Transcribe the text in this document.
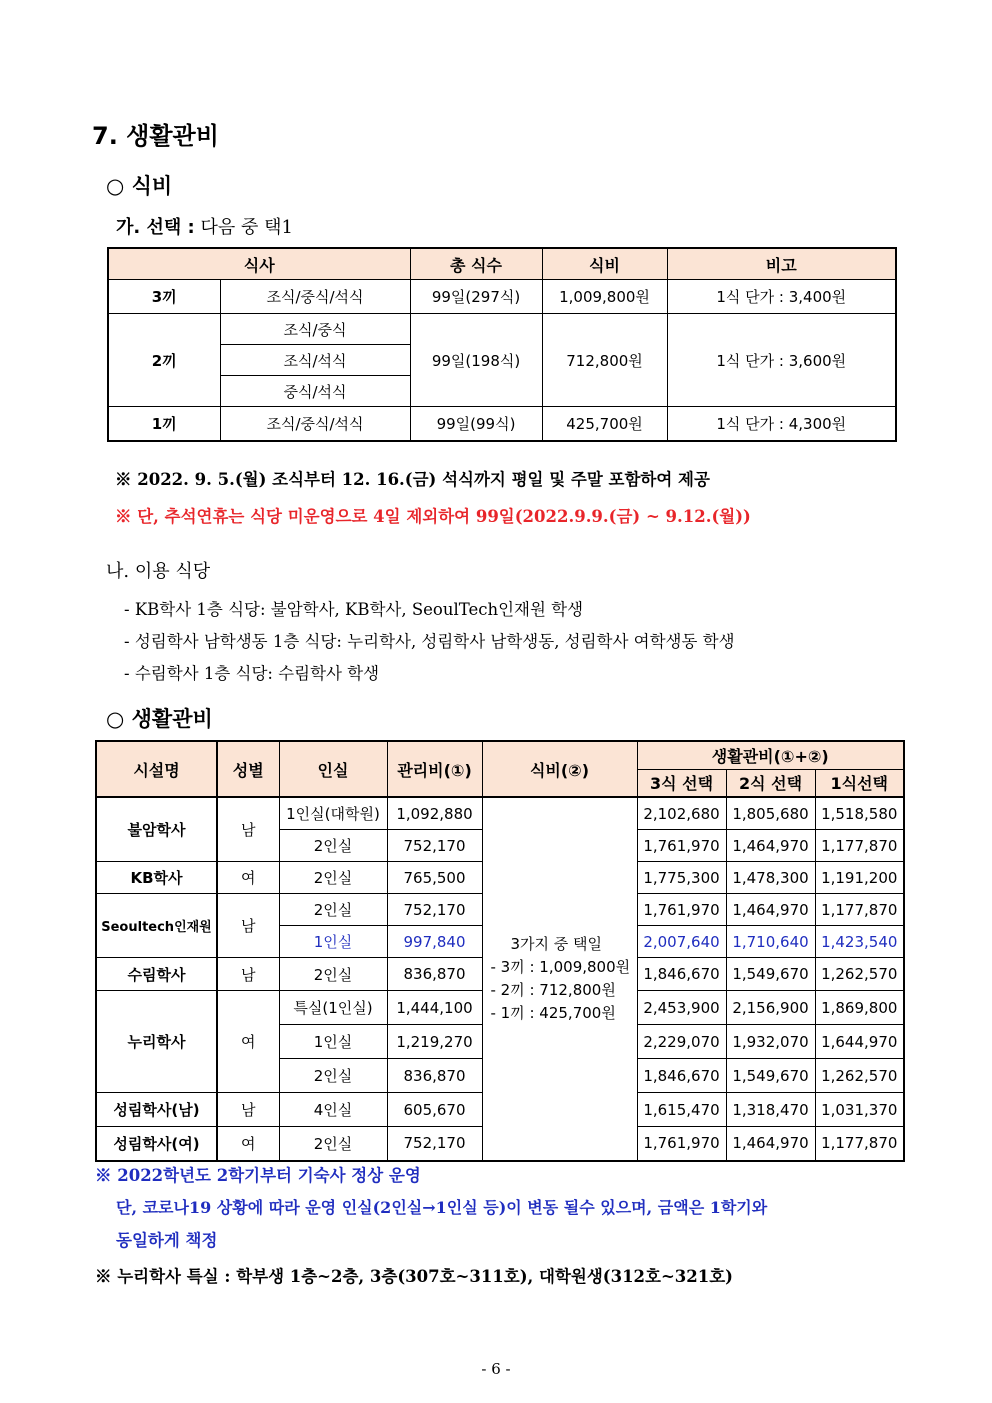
7. 생활관비

○ 식비

가. 선택 : 다음 중 택1

식사		총 식수	식비	비고
3끼	조식/중식/석식	99일(297식)	1,009,800원	1식 단가 : 3,400원
2끼	조식/중식	99일(198식)	712,800원	1식 단가 : 3,600원
	조식/석식			
	중식/석식			
1끼	조식/중식/석식	99일(99식)	425,700원	1식 단가 : 4,300원

※ 2022. 9. 5.(월) 조식부터 12. 16.(금) 석식까지 평일 및 주말 포함하여 제공

※ 단, 추석연휴는 식당 미운영으로 4일 제외하여 99일(2022.9.9.(금) ~ 9.12.(월))

나. 이용 식당

- KB학사 1층 식당: 불암학사, KB학사, SeoulTech인재원 학생

- 성림학사 남학생동 1층 식당: 누리학사, 성림학사 남학생동, 성림학사 여학생동 학생

- 수림학사 1층 식당: 수림학사 학생

○ 생활관비

시설명	성별	인실	관리비(①)	식비(②)	생활관비(①+②)		
					3식 선택	2식 선택	1식선택
불암학사	남	1인실(대학원)	1,092,880	3가지 중 택일
- 3끼 : 1,009,800원
- 2끼 : 712,800원
- 1끼 : 425,700원	2,102,680	1,805,680	1,518,580
		2인실	752,170		1,761,970	1,464,970	1,177,870
KB학사	여	2인실	765,500		1,775,300	1,478,300	1,191,200
Seoultech인재원	남	2인실	752,170		1,761,970	1,464,970	1,177,870
		1인실	997,840		2,007,640	1,710,640	1,423,540
수림학사	남	2인실	836,870		1,846,670	1,549,670	1,262,570
누리학사	여	특실(1인실)	1,444,100		2,453,900	2,156,900	1,869,800
		1인실	1,219,270		2,229,070	1,932,070	1,644,970
		2인실	836,870		1,846,670	1,549,670	1,262,570
성림학사(남)	남	4인실	605,670		1,615,470	1,318,470	1,031,370
성림학사(여)	여	2인실	752,170		1,761,970	1,464,970	1,177,870

※ 2022학년도 2학기부터 기숙사 정상 운영

단, 코로나19 상황에 따라 운영 인실(2인실→1인실 등)이 변동 될수 있으며, 금액은 1학기와

동일하게 책정

※ 누리학사 특실 : 학부생 1층~2층, 3층(307호~311호), 대학원생(312호~321호)

- 6 -
